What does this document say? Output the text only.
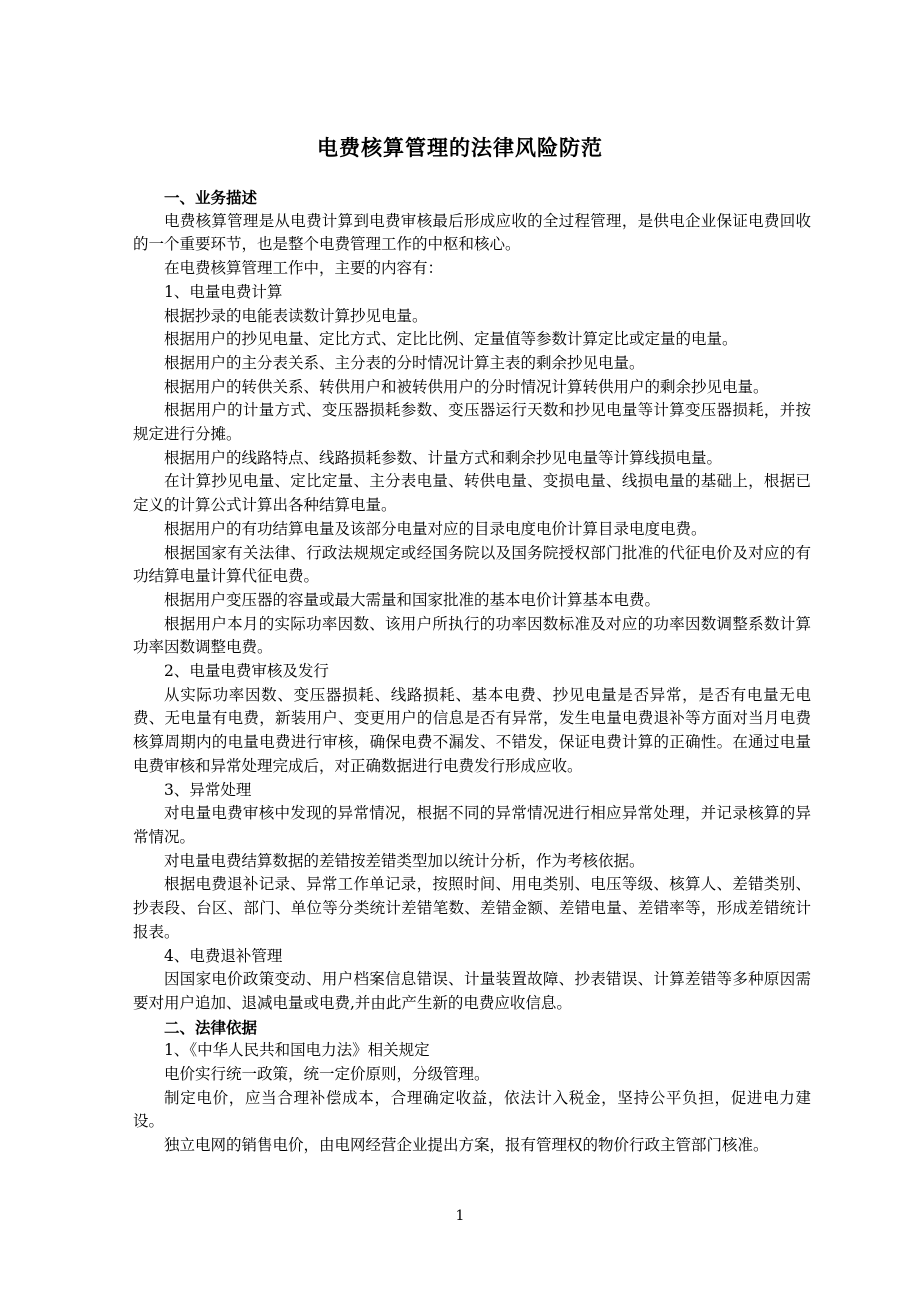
电费核算管理的法律风险防范

一、业务描述

电费核算管理是从电费计算到电费审核最后形成应收的全过程管理，是供电企业保证电费回收的一个重要环节，也是整个电费管理工作的中枢和核心。

在电费核算管理工作中，主要的内容有：

1、电量电费计算

根据抄录的电能表读数计算抄见电量。

根据用户的抄见电量、定比方式、定比比例、定量值等参数计算定比或定量的电量。

根据用户的主分表关系、主分表的分时情况计算主表的剩余抄见电量。

根据用户的转供关系、转供用户和被转供用户的分时情况计算转供用户的剩余抄见电量。

根据用户的计量方式、变压器损耗参数、变压器运行天数和抄见电量等计算变压器损耗，并按规定进行分摊。

根据用户的线路特点、线路损耗参数、计量方式和剩余抄见电量等计算线损电量。

在计算抄见电量、定比定量、主分表电量、转供电量、变损电量、线损电量的基础上，根据已定义的计算公式计算出各种结算电量。

根据用户的有功结算电量及该部分电量对应的目录电度电价计算目录电度电费。

根据国家有关法律、行政法规规定或经国务院以及国务院授权部门批准的代征电价及对应的有功结算电量计算代征电费。

根据用户变压器的容量或最大需量和国家批准的基本电价计算基本电费。

根据用户本月的实际功率因数、该用户所执行的功率因数标准及对应的功率因数调整系数计算功率因数调整电费。

2、电量电费审核及发行

从实际功率因数、变压器损耗、线路损耗、基本电费、抄见电量是否异常，是否有电量无电费、无电量有电费，新装用户、变更用户的信息是否有异常，发生电量电费退补等方面对当月电费核算周期内的电量电费进行审核，确保电费不漏发、不错发，保证电费计算的正确性。在通过电量电费审核和异常处理完成后，对正确数据进行电费发行形成应收。

3、异常处理

对电量电费审核中发现的异常情况，根据不同的异常情况进行相应异常处理，并记录核算的异常情况。

对电量电费结算数据的差错按差错类型加以统计分析，作为考核依据。

根据电费退补记录、异常工作单记录，按照时间、用电类别、电压等级、核算人、差错类别、抄表段、台区、部门、单位等分类统计差错笔数、差错金额、差错电量、差错率等，形成差错统计报表。

4、电费退补管理

因国家电价政策变动、用户档案信息错误、计量装置故障、抄表错误、计算差错等多种原因需要对用户追加、退减电量或电费,并由此产生新的电费应收信息。

二、法律依据

1、《中华人民共和国电力法》相关规定

电价实行统一政策，统一定价原则，分级管理。

制定电价，应当合理补偿成本，合理确定收益，依法计入税金，坚持公平负担，促进电力建设。

独立电网的销售电价，由电网经营企业提出方案，报有管理权的物价行政主管部门核准。

1
